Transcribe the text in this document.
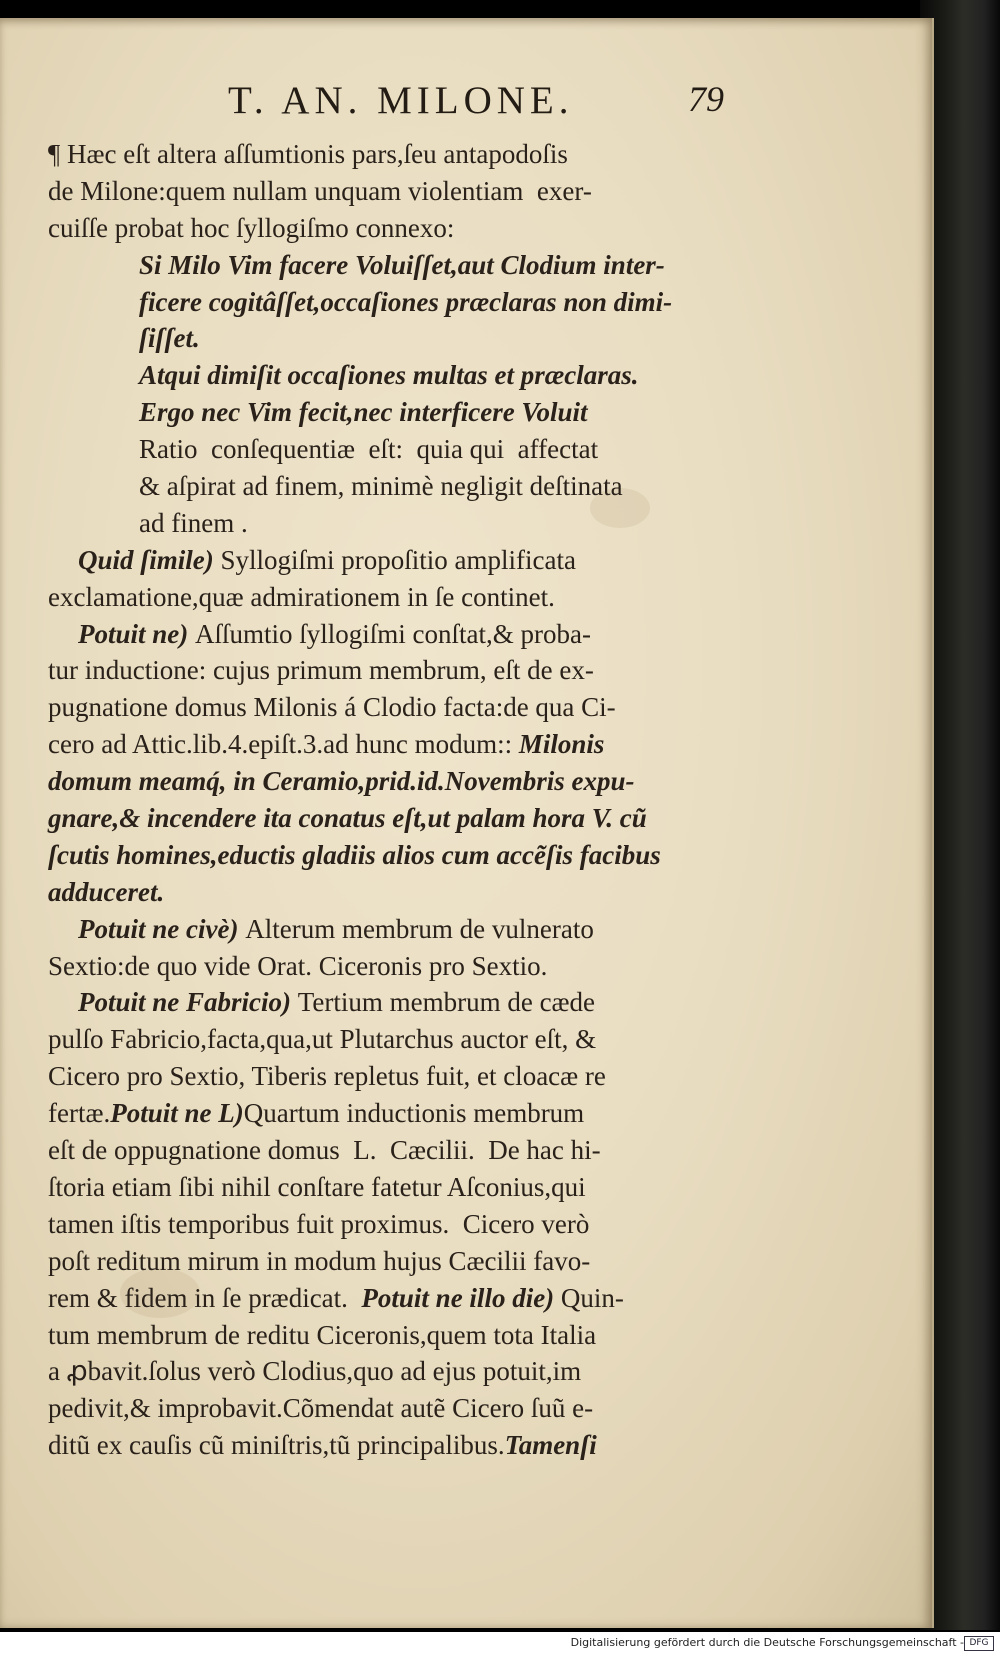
T. AN. MILONE.	79
¶ Hæc eſt altera aſſumtionis pars,ſeu antapodoſis
de Milone:quem nullam unquam violentiam  exer-
cuiſſe probat hoc ſyllogiſmo connexo:
Si Milo Vim facere Voluiſſet,aut Clodium inter-
ficere cogitâſſet,occaſiones præclaras non dimi-
ſiſſet.
Atqui dimiſit occaſiones multas et præclaras.
Ergo nec Vim fecit,nec interficere Voluit
Ratio  conſequentiæ  eſt:  quia qui  affectat
& aſpirat ad finem, minimè negligit deſtinata
ad finem .
Quid ſimile) Syllogiſmi propoſitio amplificata
exclamatione,quæ admirationem in ſe continet.
Potuit ne) Aſſumtio ſyllogiſmi conſtat,& proba-
tur inductione: cujus primum membrum, eſt de ex-
pugnatione domus Milonis á Clodio facta:de qua Ci-
cero ad Attic.lib.4.epiſt.3.ad hunc modum:: Milonis
domum meamq́, in Ceramio,prid.id.Novembris expu-
gnare,& incendere ita conatus eſt,ut palam hora V. cũ
ſcutis homines,eductis gladiis alios cum accẽſis facibus
adduceret.
Potuit ne civè) Alterum membrum de vulnerato
Sextio:de quo vide Orat. Ciceronis pro Sextio.
Potuit ne Fabricio) Tertium membrum de cæde
pulſo Fabricio,facta,qua,ut Plutarchus auctor eſt, &
Cicero pro Sextio, Tiberis repletus fuit, et cloacæ re
fertæ.Potuit ne L)Quartum inductionis membrum
eſt de oppugnatione domus  L.  Cæcilii.  De hac hi-
ſtoria etiam ſibi nihil conſtare fatetur Aſconius,qui
tamen iſtis temporibus fuit proximus.  Cicero verò
poſt reditum mirum in modum hujus Cæcilii favo-
rem & fidem in ſe prædicat.  Potuit ne illo die) Quin-
tum membrum de reditu Ciceronis,quem tota Italia
a ꝓbavit.ſolus verò Clodius,quo ad ejus potuit,im
pedivit,& improbavit.Cõmendat autẽ Cicero ſuũ e-
ditũ ex cauſis cũ miniſtris,tũ principalibus.Tamenſi
Digitalisierung gefördert durch die Deutsche Forschungsgemeinschaft - DFG
